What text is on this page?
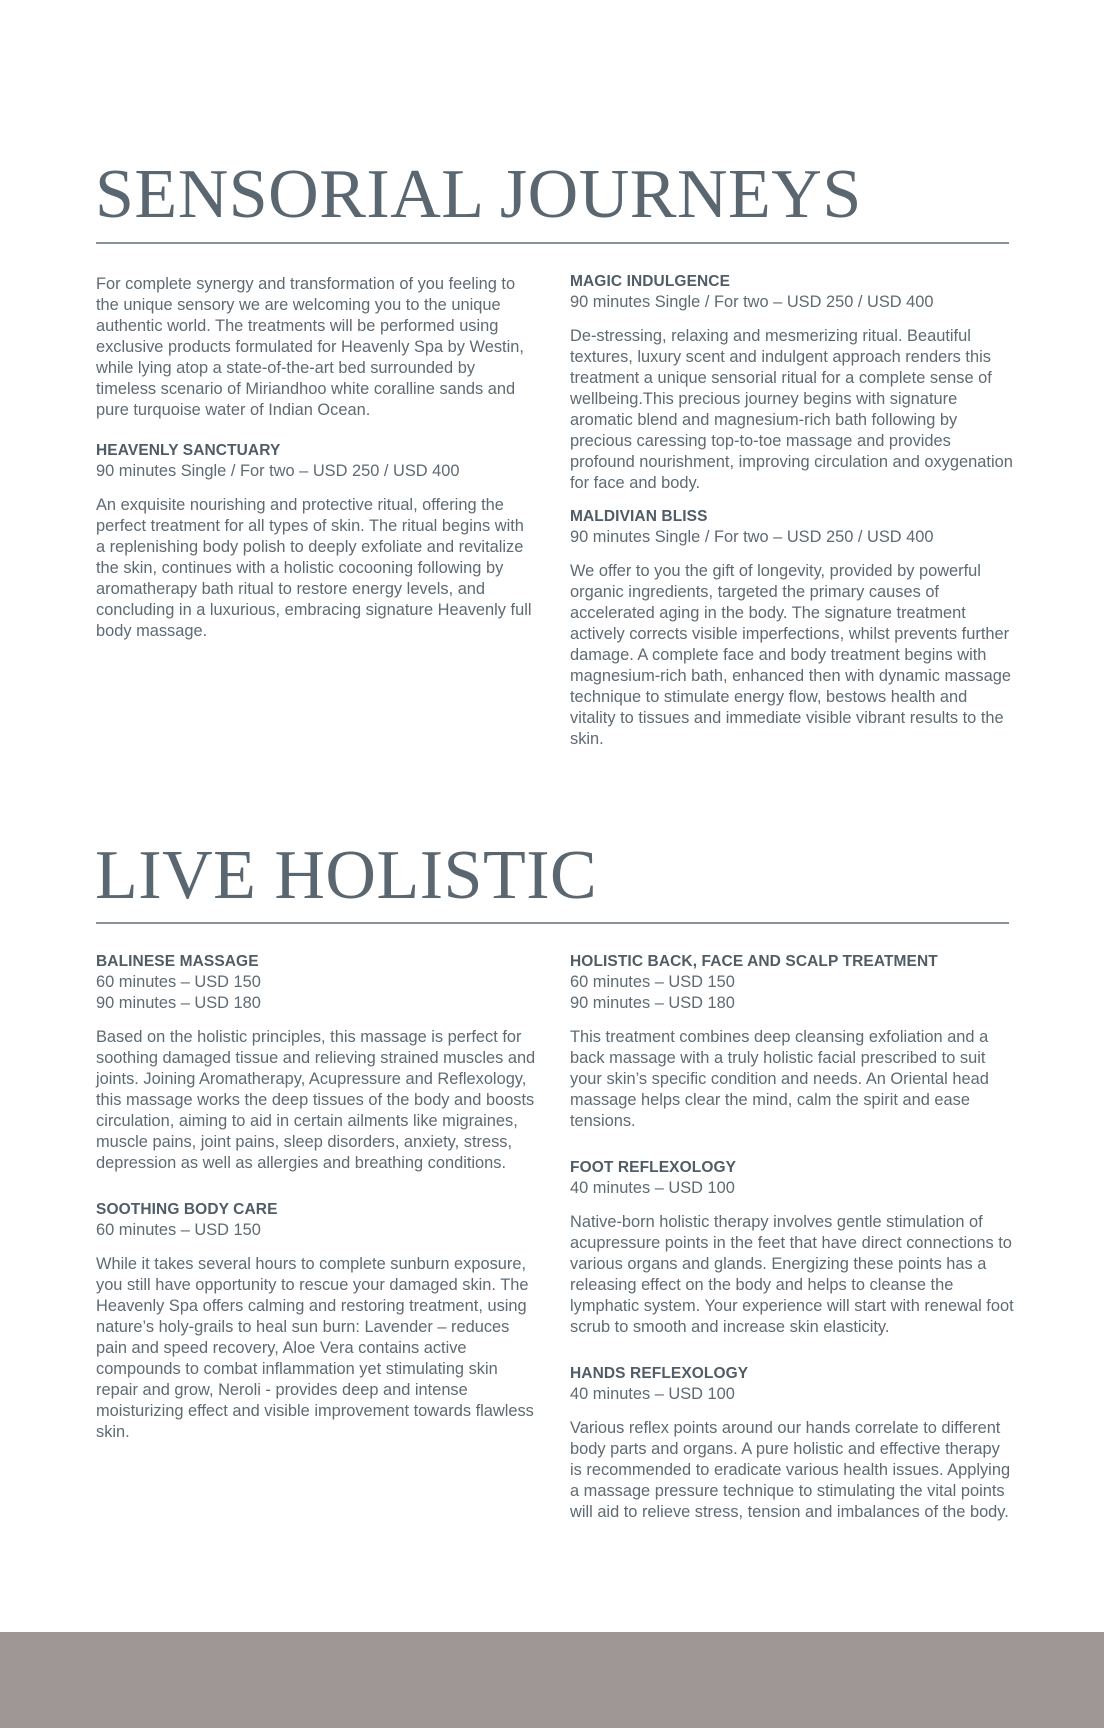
SENSORIAL JOURNEYS

For complete synergy and transformation of you feeling to the unique sensory we are welcoming you to the unique authentic world. The treatments will be performed using exclusive products formulated for Heavenly Spa by Westin, while lying atop a state-of-the-art bed surrounded by timeless scenario of Miriandhoo white coralline sands and pure turquoise water of Indian Ocean.

HEAVENLY SANCTUARY
90 minutes Single / For two – USD 250 / USD 400

An exquisite nourishing and protective ritual, offering the perfect treatment for all types of skin. The ritual begins with a replenishing body polish to deeply exfoliate and revitalize the skin, continues with a holistic cocooning following by aromatherapy bath ritual to restore energy levels, and concluding in a luxurious, embracing signature Heavenly full body massage.

MAGIC INDULGENCE
90 minutes Single / For two – USD 250 / USD 400

De-stressing, relaxing and mesmerizing ritual. Beautiful textures, luxury scent and indulgent approach renders this treatment a unique sensorial ritual for a complete sense of wellbeing.This precious journey begins with signature aromatic blend and magnesium-rich bath following by precious caressing top-to-toe massage and provides profound nourishment, improving circulation and oxygenation for face and body.

MALDIVIAN BLISS
90 minutes Single / For two – USD 250 / USD 400

We offer to you the gift of longevity, provided by powerful organic ingredients, targeted the primary causes of accelerated aging in the body. The signature treatment actively corrects visible imperfections, whilst prevents further damage. A complete face and body treatment begins with magnesium-rich bath, enhanced then with dynamic massage technique to stimulate energy flow, bestows health and vitality to tissues and immediate visible vibrant results to the skin.

LIVE HOLISTIC
BALINESE MASSAGE
60 minutes – USD 150
90 minutes – USD 180

Based on the holistic principles, this massage is perfect for soothing damaged tissue and relieving strained muscles and joints. Joining Aromatherapy, Acupressure and Reflexology, this massage works the deep tissues of the body and boosts circulation, aiming to aid in certain ailments like migraines, muscle pains, joint pains, sleep disorders, anxiety, stress, depression as well as allergies and breathing conditions.

SOOTHING BODY CARE
60 minutes – USD 150

While it takes several hours to complete sunburn exposure, you still have opportunity to rescue your damaged skin. The Heavenly Spa offers calming and restoring treatment, using nature’s holy-grails to heal sun burn: Lavender – reduces pain and speed recovery, Aloe Vera contains active compounds to combat inflammation yet stimulating skin repair and grow, Neroli - provides deep and intense moisturizing effect and visible improvement towards flawless skin.

HOLISTIC BACK, FACE AND SCALP TREATMENT
60 minutes – USD 150
90 minutes – USD 180

This treatment combines deep cleansing exfoliation and a back massage with a truly holistic facial prescribed to suit your skin’s specific condition and needs. An Oriental head massage helps clear the mind, calm the spirit and ease tensions.

FOOT REFLEXOLOGY
40 minutes – USD 100

Native-born holistic therapy involves gentle stimulation of acupressure points in the feet that have direct connections to various organs and glands. Energizing these points has a releasing effect on the body and helps to cleanse the lymphatic system. Your experience will start with renewal foot scrub to smooth and increase skin elasticity.

HANDS REFLEXOLOGY
40 minutes – USD 100

Various reflex points around our hands correlate to different body parts and organs. A pure holistic and effective therapy is recommended to eradicate various health issues. Applying a massage pressure technique to stimulating the vital points will aid to relieve stress, tension and imbalances of the body.
